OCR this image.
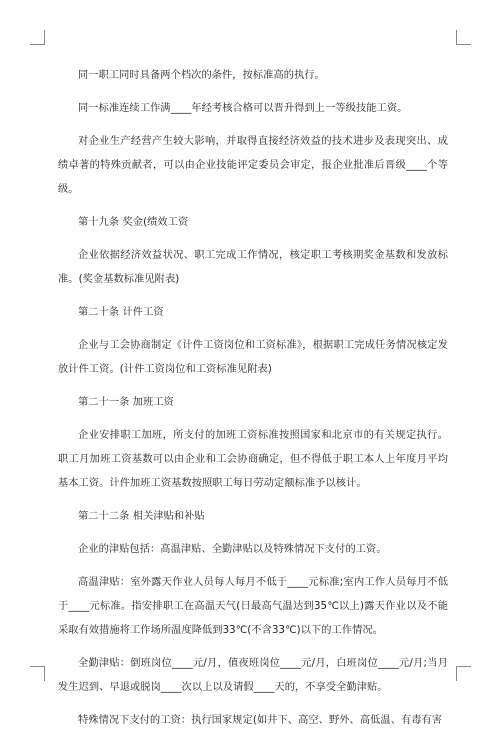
同一职工同时具备两个档次的条件，按标准高的执行。

同一标准连续工作满____年经考核合格可以晋升得到上一等级技能工资。

对企业生产经营产生较大影响，并取得直接经济效益的技术进步及表现突出、成绩卓著的特殊贡献者，可以由企业技能评定委员会审定，报企业批准后晋级____个等级。

第十九条 奖金(绩效工资

企业依据经济效益状况、职工完成工作情况，核定职工考核期奖金基数和发放标准。(奖金基数标准见附表)

第二十条 计件工资

企业与工会协商制定《计件工资岗位和工资标准》，根据职工完成任务情况核定发放计件工资。(计件工资岗位和工资标准见附表)

第二十一条 加班工资

企业安排职工加班，所支付的加班工资标准按照国家和北京市的有关规定执行。职工月加班工资基数可以由企业和工会协商确定，但不得低于职工本人上年度月平均基本工资。计件加班工资基数按照职工每日劳动定额标准予以核计。

第二十二条 相关津贴和补贴

企业的津贴包括：高温津贴、全勤津贴以及特殊情况下支付的工资。

高温津贴：室外露天作业人员每人每月不低于____元标准;室内工作人员每月不低于____元标准。指安排职工在高温天气(日最高气温达到35℃以上)露天作业以及不能采取有效措施将工作场所温度降低到33℃(不含33℃)以下的工作情况。

全勤津贴：倒班岗位____元/月，值夜班岗位____元/月，白班岗位____元/月;当月发生迟到、早退或脱岗____次以上以及请假____天的，不享受全勤津贴。

特殊情况下支付的工资：执行国家规定(如井下、高空、野外、高低温、有毒有害
